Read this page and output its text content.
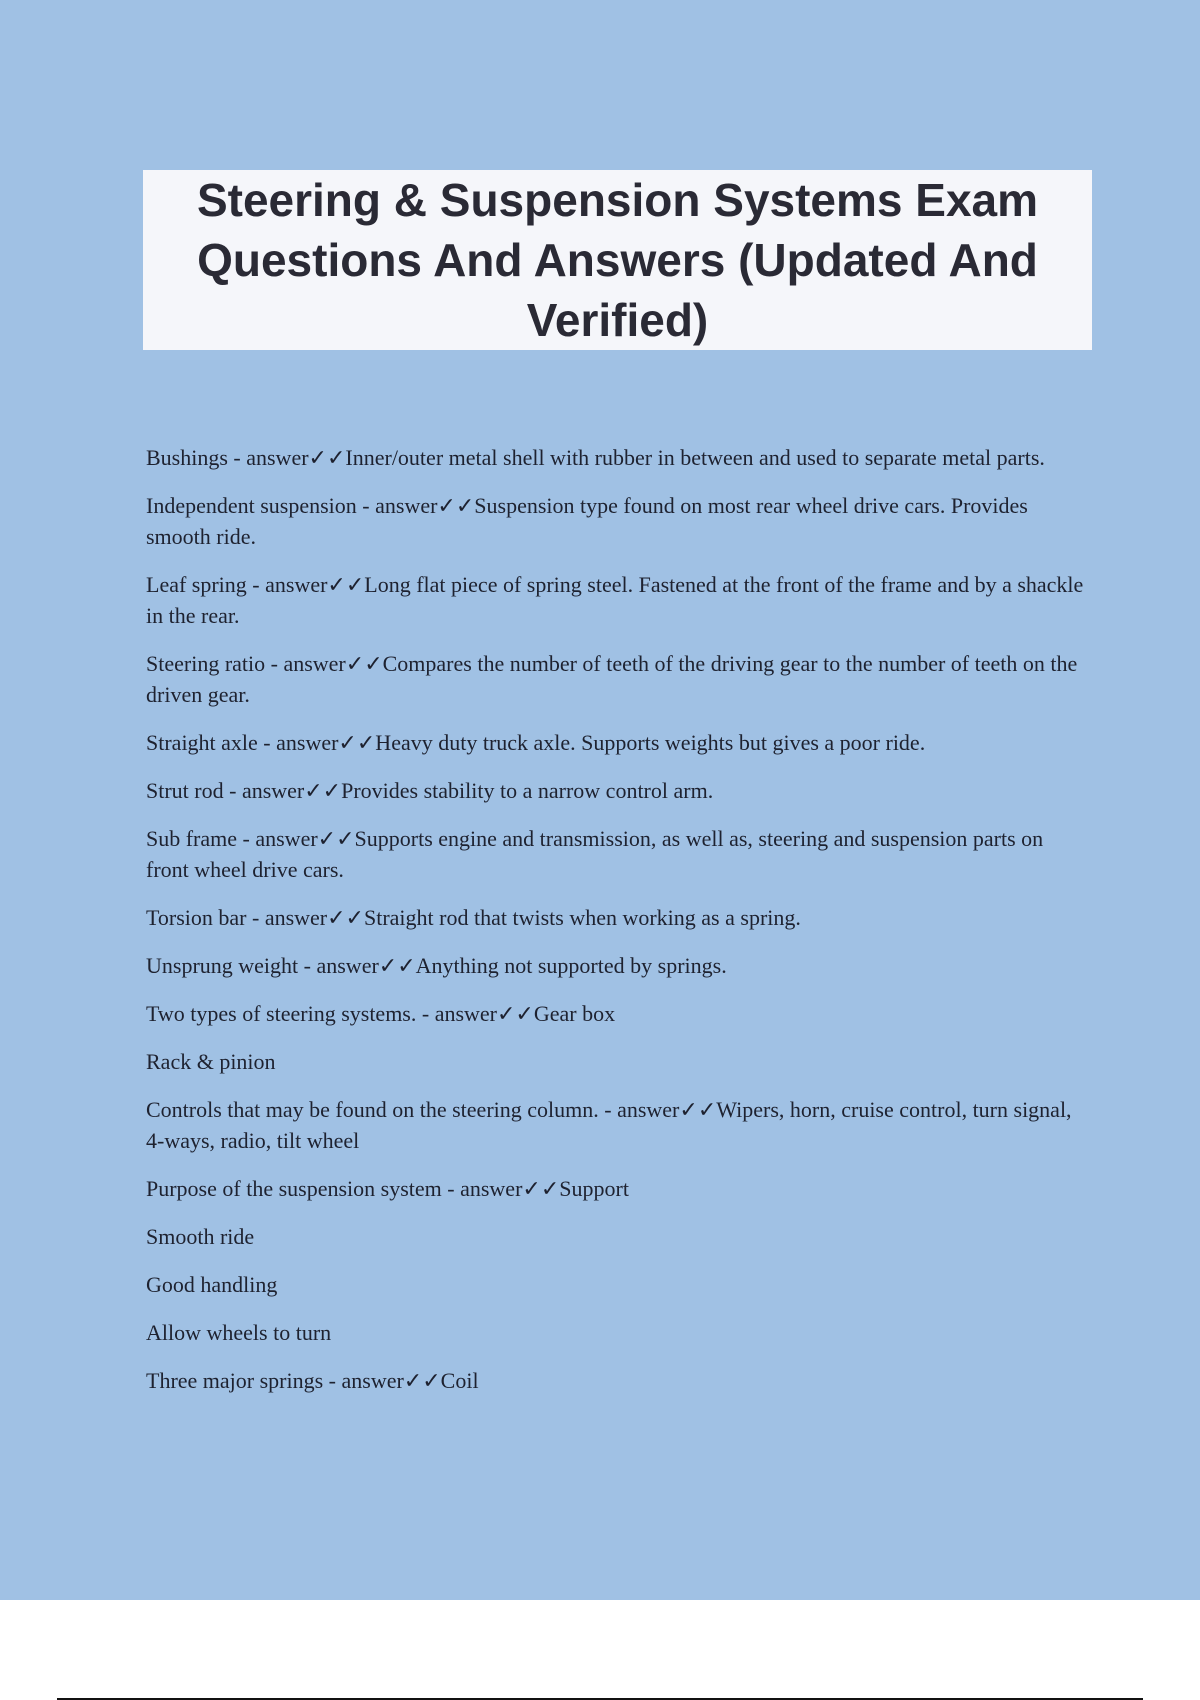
Steering & Suspension Systems Exam Questions And Answers (Updated And Verified)
Bushings - answer✓✓Inner/outer metal shell with rubber in between and used to separate metal parts.
Independent suspension - answer✓✓Suspension type found on most rear wheel drive cars. Provides smooth ride.
Leaf spring - answer✓✓Long flat piece of spring steel. Fastened at the front of the frame and by a shackle in the rear.
Steering ratio - answer✓✓Compares the number of teeth of the driving gear to the number of teeth on the driven gear.
Straight axle - answer✓✓Heavy duty truck axle. Supports weights but gives a poor ride.
Strut rod - answer✓✓Provides stability to a narrow control arm.
Sub frame - answer✓✓Supports engine and transmission, as well as, steering and suspension parts on front wheel drive cars.
Torsion bar - answer✓✓Straight rod that twists when working as a spring.
Unsprung weight - answer✓✓Anything not supported by springs.
Two types of steering systems. - answer✓✓Gear box
Rack & pinion
Controls that may be found on the steering column. - answer✓✓Wipers, horn, cruise control, turn signal, 4-ways, radio, tilt wheel
Purpose of the suspension system - answer✓✓Support
Smooth ride
Good handling
Allow wheels to turn
Three major springs - answer✓✓Coil
